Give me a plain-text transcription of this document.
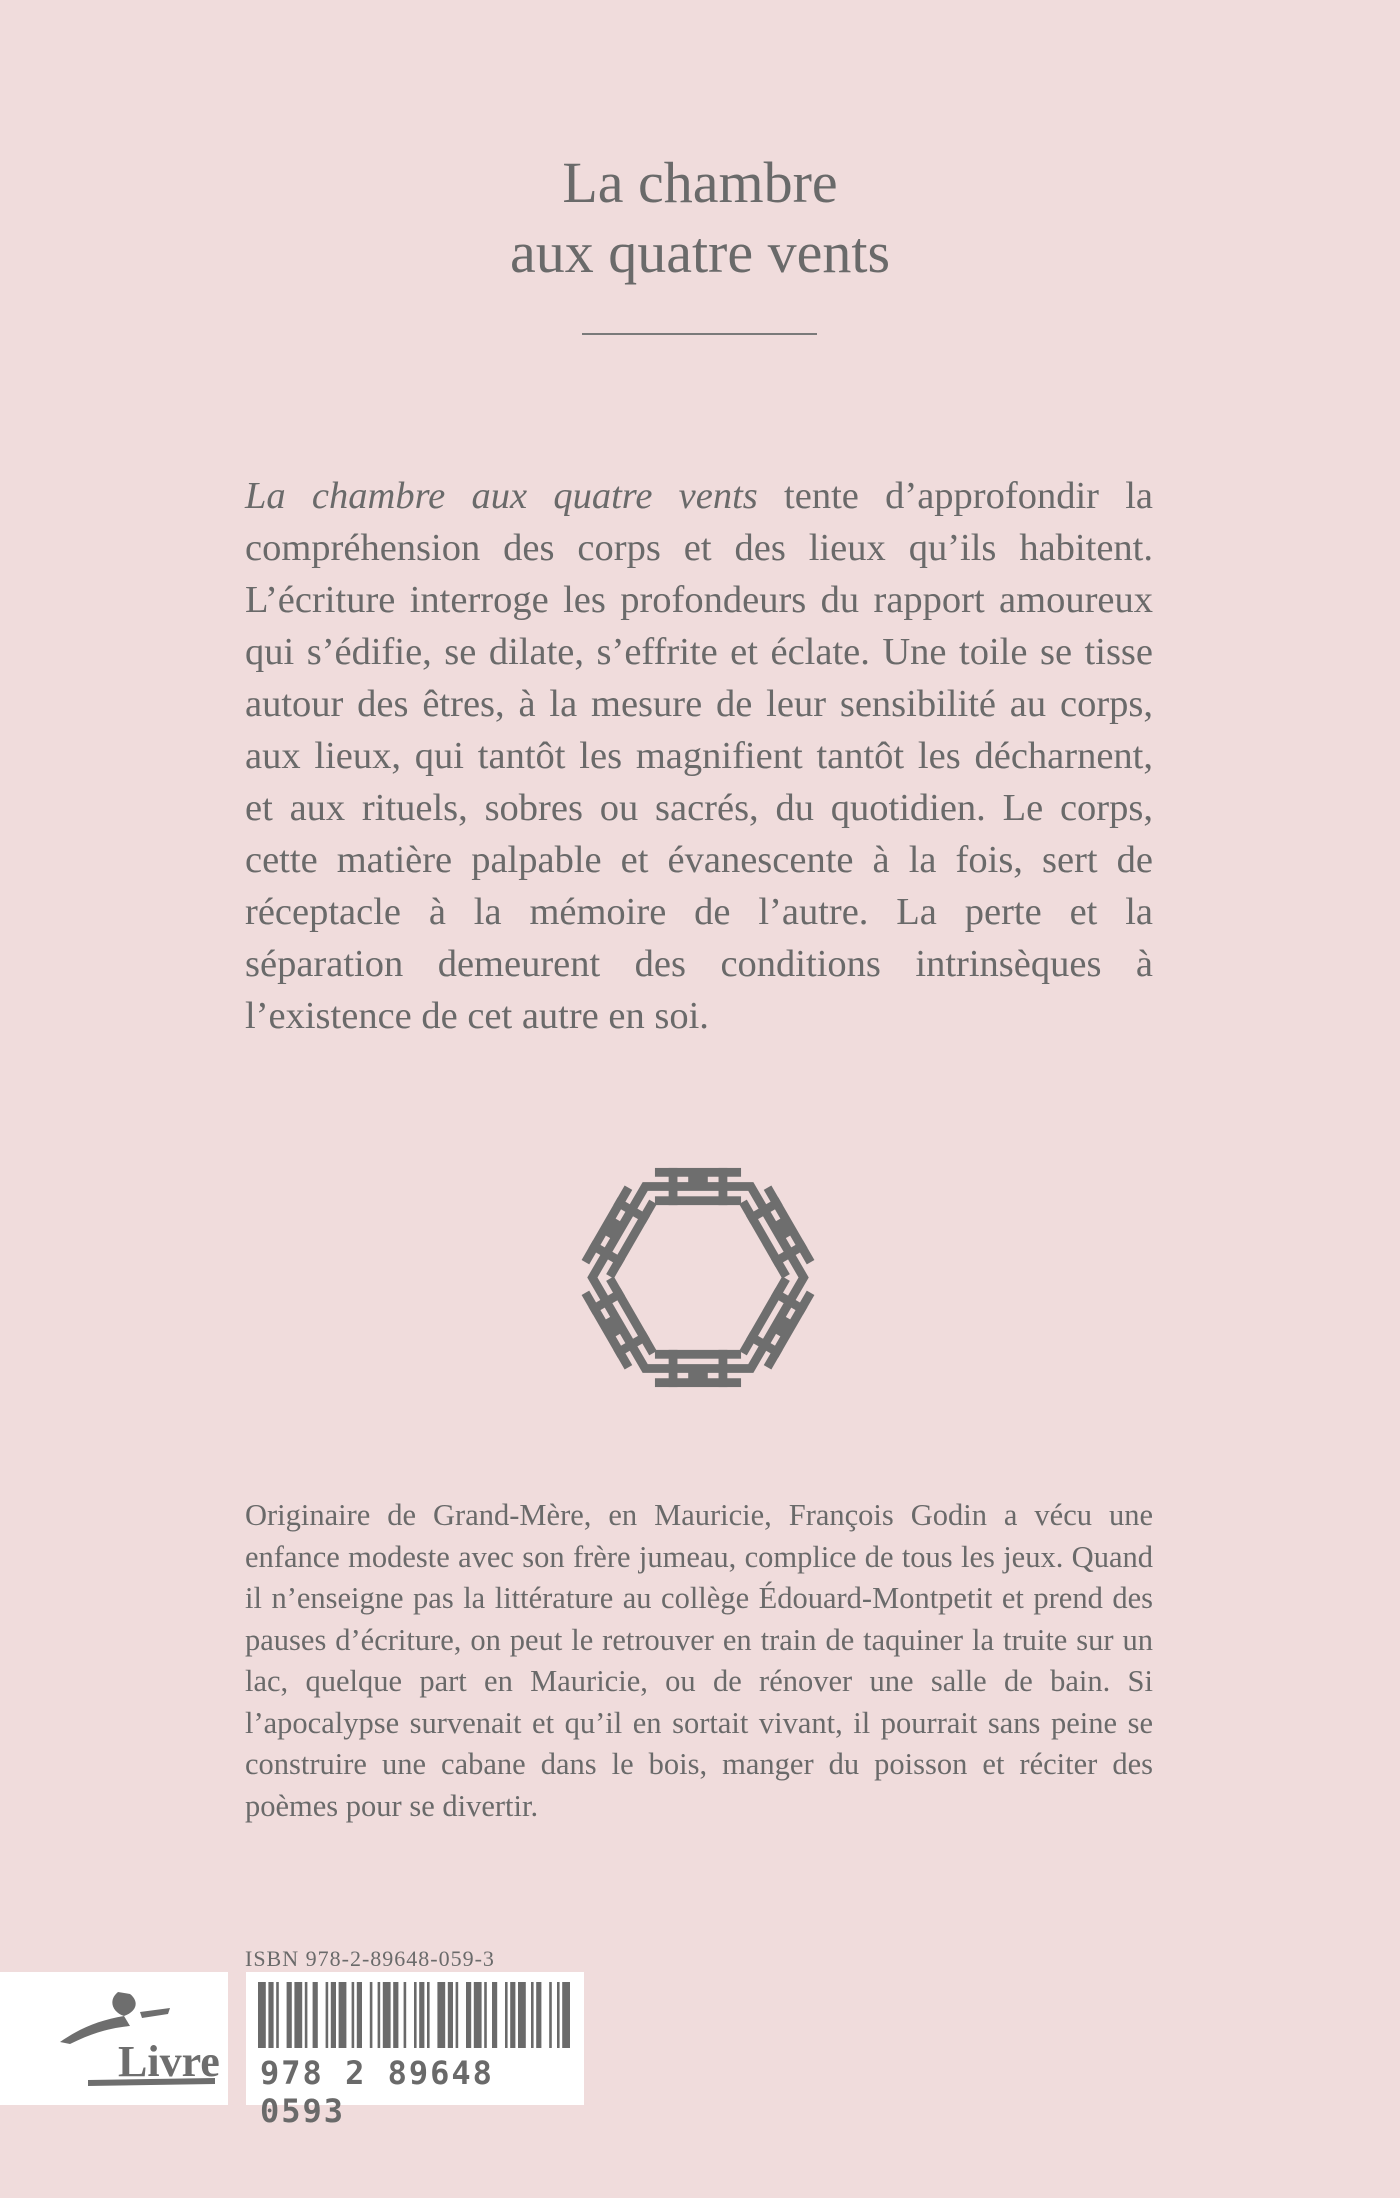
La chambre
aux quatre vents
La chambre aux quatre vents tente d’approfondir la compréhension des corps et des lieux qu’ils habitent. L’écriture interroge les profondeurs du rapport amoureux qui s’édifie, se dilate, s’effrite et éclate. Une toile se tisse autour des êtres, à la mesure de leur sensibilité au corps, aux lieux, qui tantôt les magnifient tantôt les décharnent, et aux rituels, sobres ou sacrés, du quotidien. Le corps, cette matière palpable et évanescente à la fois, sert de réceptacle à la mémoire de l’autre. La perte et la séparation demeurent des conditions intrinsèques à l’existence de cet autre en soi.
Originaire de Grand-Mère, en Mauricie, François Godin a vécu une enfance modeste avec son frère jumeau, complice de tous les jeux. Quand il n’enseigne pas la littérature au collège Édouard-Montpetit et prend des pauses d’écriture, on peut le retrouver en train de taquiner la truite sur un lac, quelque part en Mauricie, ou de rénover une salle de bain. Si l’apocalypse survenait et qu’il en sortait vivant, il pourrait sans peine se construire une cabane dans le bois, manger du poisson et réciter des poèmes pour se divertir.
ISBN 978-2-89648-059-3
Livre 978 2 89648 0593
